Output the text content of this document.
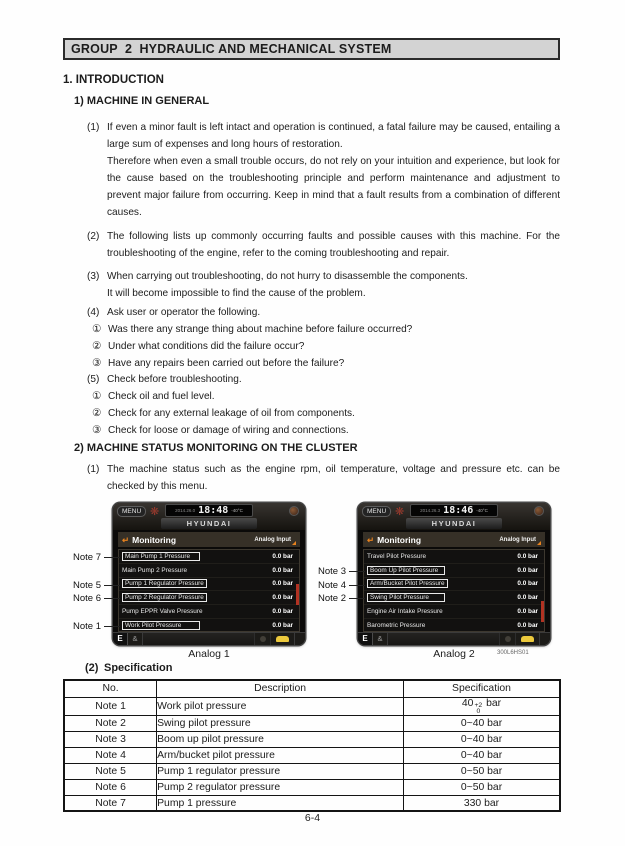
GROUP  2  HYDRAULIC AND MECHANICAL SYSTEM
1. INTRODUCTION
1) MACHINE IN GENERAL
(1) If even a minor fault is left intact and operation is continued, a fatal failure may be caused, entailing a large sum of expenses and long hours of restoration.
Therefore when even a small trouble occurs, do not rely on your intuition and experience, but look for the cause based on the troubleshooting principle and perform maintenance and adjustment to prevent major failure from occurring. Keep in mind that a fault results from a combination of different causes.
(2) The following lists up commonly occurring faults and possible causes with this machine. For the troubleshooting of the engine, refer to the coming troubleshooting and repair.
(3) When carrying out troubleshooting, do not hurry to disassemble the components.
It will become impossible to find the cause of the problem.
(4) Ask user or operator the following.
① Was there any strange thing about machine before failure occurred?
② Under what conditions did the failure occur?
③ Have any repairs been carried out before the failure?
(5) Check before troubleshooting.
① Check oil and fuel level.
② Check for any external leakage of oil from components.
③ Check for loose or damage of wiring and connections.
2) MACHINE STATUS MONITORING ON THE CLUSTER
(1) The machine status such as the engine rpm, oil temperature, voltage and pressure etc. can be checked by this menu.
MENU ❋	2014.26.0 18:48 -40°C
HYUNDAI
↵ Monitoring	Analog Input
Main Pump 1 Pressure	0.0 bar
Main Pump 2 Pressure	0.0 bar
Pump 1 Regulator Pressure	0.0 bar
Pump 2 Regulator Pressure	0.0 bar
Pump EPPR Valve Pressure	0.0 bar
Work Pilot Pressure	0.0 bar
E	&
MENU ❋	2014.26.3 18:46 -40°C
HYUNDAI
↵ Monitoring	Analog Input
Travel Pilot Pressure	0.0 bar
Boom Up Pilot Pressure	0.0 bar
Arm/Bucket Pilot Pressure	0.0 bar
Swing Pilot Pressure	0.0 bar
Engine Air Intake Pressure	0.0 bar
Barometric Pressure	0.0 bar
E	&
Note 7
Note 5
Note 6
Note 1
Note 3
Note 4
Note 2
Analog 1	Analog 2	300L6HS01
(2) Specification
No.	Description	Specification
Note 1	Work pilot pressure	40 +2
0
bar
Note 2	Swing pilot pressure	0~40 bar
Note 3	Boom up pilot pressure	0~40 bar
Note 4	Arm/bucket pilot pressure	0~40 bar
Note 5	Pump 1 regulator pressure	0~50 bar
Note 6	Pump 2 regulator pressure	0~50 bar
Note 7	Pump 1 pressure	330 bar
6-4
